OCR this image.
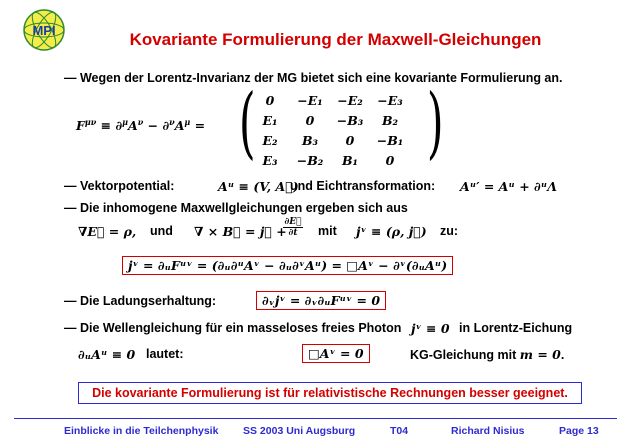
MPI	Kovariante Formulierung der Maxwell-Gleichungen
— Wegen der Lorentz-Invarianz der MG bietet sich eine kovariante Formulierung an.
$F^{\mu\nu} \equiv \partial^\mu A^\nu - \partial^\nu A^\mu$ = ( )
0	−E₁	−E₂	−E₃
E₁	0	−B₃	B₂
E₂	B₃	0	−B₁
E₃	−B₂	B₁	0
— Vektorpotential:	Aᵘ ≡ (V, A⃗)
und Eichtransformation: Aᵘ′ = Aᵘ + ∂ᵘΛ
— Die inhomogene Maxwellgleichungen ergeben sich aus
∇E⃗ = ρ, und ∇ × B⃗ = j⃗ +
∂E⃗
∂t	mit jᵛ ≡ (ρ, j⃗) zu:
jᵛ = ∂ᵤFᵘᵛ = (∂ᵤ∂ᵘAᵛ − ∂ᵤ∂ᵛAᵘ) = □Aᵛ − ∂ᵛ(∂ᵤAᵘ)
— Die Ladungserhaltung:	∂ᵥjᵛ = ∂ᵥ∂ᵤFᵘᵛ = 0
— Die Wellengleichung für ein masseloses freies Photon jᵛ ≡ 0 in Lorentz-Eichung
∂ᵤAᵘ ≡ 0 lautet:	□Aᵛ = 0	KG-Gleichung mit m = 0.
Die kovariante Formulierung ist für relativistische Rechnungen besser geeignet.
Einblicke in die Teilchenphysik SS 2003 Uni Augsburg	T04	Richard Nisius	Page 13
